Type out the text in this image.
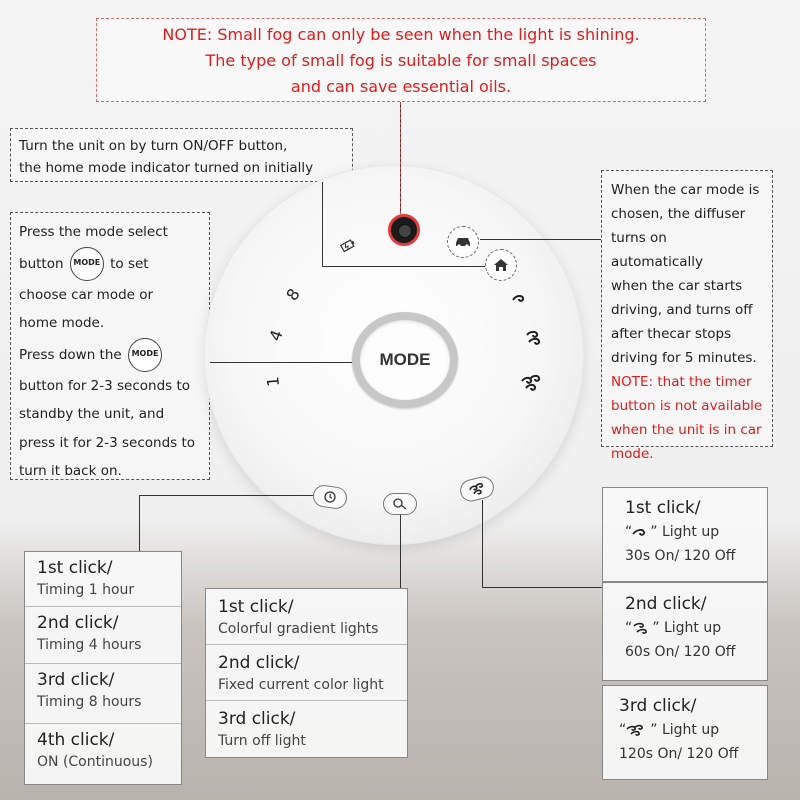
NOTE: Small fog can only be seen when the light is shining.
The type of small fog is suitable for small spaces
and can save essential oils.
Turn the unit on by turn ON/OFF button,
the home mode indicator turned on initially
Press the mode select
button MODE to set
choose car mode or
home mode.
Press down the MODE
button for 2-3 seconds to
standby the unit, and
press it for 2-3 seconds to
turn it back on.
When the car mode is
chosen, the diffuser
turns on automatically
when the car starts
driving, and turns off
after thecar stops
driving for 5 minutes.
NOTE: that the timer
button is not available
when the unit is in car
mode.
8
4
1
MODE
1st click/
Timing 1 hour
2nd click/
Timing 4 hours
3rd click/
Timing 8 hours
4th click/
ON (Continuous)
1st click/
Colorful gradient lights
2nd click/
Fixed current color light
3rd click/
Turn off light
1st click/
“ ” Light up
30s On/ 120 Off
2nd click/
“ ” Light up
60s On/ 120 Off
3rd click/
“ ” Light up
120s On/ 120 Off
